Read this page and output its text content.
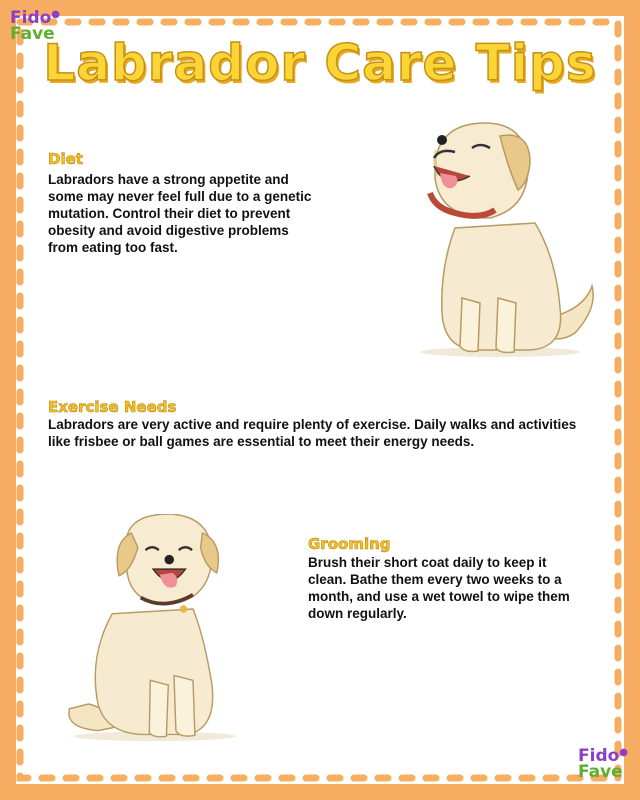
Fido●
Fave
Labrador Care Tips
Diet

Labradors have a strong appetite and some may never feel full due to a genetic mutation. Control their diet to prevent obesity and avoid digestive problems from eating too fast.

Exercise Needs

Labradors are very active and require plenty of exercise. Daily walks and activities like frisbee or ball games are essential to meet their energy needs.

Grooming

Brush their short coat daily to keep it clean. Bathe them every two weeks to a month, and use a wet towel to wipe them down regularly.

Fido●
Fave
